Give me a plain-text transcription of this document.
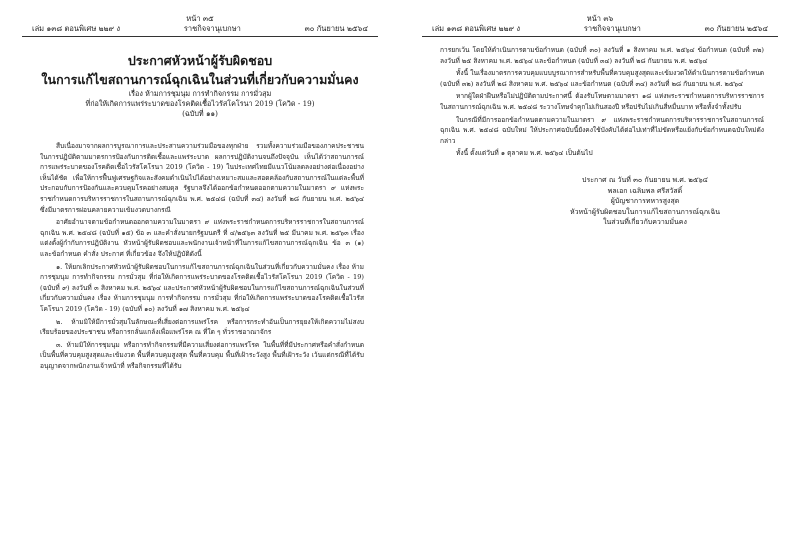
หน้า ๓๕
เล่ม ๑๓๘ ตอนพิเศษ ๒๒๙ ง	ราชกิจจานุเบกษา	๓๐ กันยายน ๒๕๖๔
ประกาศหัวหน้าผู้รับผิดชอบ
ในการแก้ไขสถานการณ์ฉุกเฉินในส่วนที่เกี่ยวกับความมั่นคง
เรื่อง ห้ามการชุมนุม การทำกิจกรรม การมั่วสุม
ที่ก่อให้เกิดการแพร่ระบาดของโรคติดเชื้อไวรัสโคโรนา 2019 (โควิด - 19)
(ฉบับที่ ๑๑)

สืบเนื่องมาจากผลการบูรณาการและประสานความร่วมมือของทุกฝ่าย รวมทั้งความร่วมมือของภาคประชาชนในการปฏิบัติตามมาตรการป้องกันการติดเชื้อและแพร่ระบาด ผลการปฏิบัติงานจนถึงปัจจุบัน เห็นได้ว่าสถานการณ์การแพร่ระบาดของโรคติดเชื้อไวรัสโคโรนา 2019 (โควิด - 19) ในประเทศไทยมีแนวโน้มลดลงอย่างต่อเนื่องอย่างเห็นได้ชัด เพื่อให้การฟื้นฟูเศรษฐกิจและสังคมดำเนินไปได้อย่างเหมาะสมและสอดคล้องกับสถานการณ์ในแต่ละพื้นที่ ประกอบกับการป้องกันและควบคุมโรคอย่างสมดุล รัฐบาลจึงได้ออกข้อกำหนดออกตามความในมาตรา ๙ แห่งพระราชกำหนดการบริหารราชการในสถานการณ์ฉุกเฉิน พ.ศ. ๒๕๔๘ (ฉบับที่ ๓๔) ลงวันที่ ๒๘ กันยายน พ.ศ. ๒๕๖๔ ซึ่งมีมาตรการผ่อนคลายความเข้มงวดบางกรณี

อาศัยอำนาจตามข้อกำหนดออกตามความในมาตรา ๙ แห่งพระราชกำหนดการบริหารราชการในสถานการณ์ฉุกเฉิน พ.ศ. ๒๕๔๘ (ฉบับที่ ๑๕) ข้อ ๓ และคำสั่งนายกรัฐมนตรี ที่ ๔/๒๕๖๓ ลงวันที่ ๒๕ มีนาคม พ.ศ. ๒๕๖๓ เรื่อง แต่งตั้งผู้กำกับการปฏิบัติงาน หัวหน้าผู้รับผิดชอบและพนักงานเจ้าหน้าที่ในการแก้ไขสถานการณ์ฉุกเฉิน ข้อ ๓ (๑) และข้อกำหนด คำสั่ง ประกาศ ที่เกี่ยวข้อง จึงให้ปฏิบัติดังนี้

๑. ให้ยกเลิกประกาศหัวหน้าผู้รับผิดชอบในการแก้ไขสถานการณ์ฉุกเฉินในส่วนที่เกี่ยวกับความมั่นคง เรื่อง ห้ามการชุมนุม การทำกิจกรรม การมั่วสุม ที่ก่อให้เกิดการแพร่ระบาดของโรคติดเชื้อไวรัสโคโรนา 2019 (โควิด - 19) (ฉบับที่ ๙) ลงวันที่ ๓ สิงหาคม พ.ศ. ๒๕๖๔ และประกาศหัวหน้าผู้รับผิดชอบในการแก้ไขสถานการณ์ฉุกเฉินในส่วนที่เกี่ยวกับความมั่นคง เรื่อง ห้ามการชุมนุม การทำกิจกรรม การมั่วสุม ที่ก่อให้เกิดการแพร่ระบาดของโรคติดเชื้อไวรัสโคโรนา 2019 (โควิด - 19) (ฉบับที่ ๑๐) ลงวันที่ ๑๗ สิงหาคม พ.ศ. ๒๕๖๔

๒. ห้ามมิให้มีการมั่วสุมในลักษณะที่เสี่ยงต่อการแพร่โรค หรือการกระทำอันเป็นการยุยงให้เกิดความไม่สงบเรียบร้อยของประชาชน หรือการกลั่นแกล้งเพื่อแพร่โรค ณ ที่ใด ๆ ทั่วราชอาณาจักร

๓. ห้ามมิให้การชุมนุม หรือการทำกิจกรรมที่มีความเสี่ยงต่อการแพร่โรค ในพื้นที่ที่มีประกาศหรือคำสั่งกำหนดเป็นพื้นที่ควบคุมสูงสุดและเข้มงวด พื้นที่ควบคุมสูงสุด พื้นที่ควบคุม พื้นที่เฝ้าระวังสูง พื้นที่เฝ้าระวัง เว้นแต่กรณีที่ได้รับอนุญาตจากพนักงานเจ้าหน้าที่ หรือกิจกรรมที่ได้รับ

หน้า ๓๖
เล่ม ๑๓๘ ตอนพิเศษ ๒๒๙ ง	ราชกิจจานุเบกษา	๓๐ กันยายน ๒๕๖๔

การยกเว้น โดยให้ดำเนินการตามข้อกำหนด (ฉบับที่ ๓๐) ลงวันที่ ๑ สิงหาคม พ.ศ. ๒๕๖๔ ข้อกำหนด (ฉบับที่ ๓๒) ลงวันที่ ๒๕ สิงหาคม พ.ศ. ๒๕๖๔ และข้อกำหนด (ฉบับที่ ๓๔) ลงวันที่ ๒๘ กันยายน พ.ศ. ๒๕๖๔

ทั้งนี้ ในเรื่องมาตรการควบคุมแบบบูรณาการสำหรับพื้นที่ควบคุมสูงสุดและเข้มงวดให้ดำเนินการตามข้อกำหนด (ฉบับที่ ๓๒) ลงวันที่ ๒๘ สิงหาคม พ.ศ. ๒๕๖๔ และข้อกำหนด (ฉบับที่ ๓๔) ลงวันที่ ๒๘ กันยายน พ.ศ. ๒๕๖๔

หากผู้ใดฝ่าฝืนหรือไม่ปฏิบัติตามประกาศนี้ ต้องรับโทษตามมาตรา ๑๘ แห่งพระราชกำหนดการบริหารราชการในสถานการณ์ฉุกเฉิน พ.ศ. ๒๕๔๘ ระวางโทษจำคุกไม่เกินสองปี หรือปรับไม่เกินสี่หมื่นบาท หรือทั้งจำทั้งปรับ

ในกรณีที่มีการออกข้อกำหนดตามความในมาตรา ๙ แห่งพระราชกำหนดการบริหารราชการในสถานการณ์ฉุกเฉิน พ.ศ. ๒๕๔๘ ฉบับใหม่ ให้ประกาศฉบับนี้ยังคงใช้บังคับได้ต่อไปเท่าที่ไม่ขัดหรือแย้งกับข้อกำหนดฉบับใหม่ดังกล่าว

ทั้งนี้ ตั้งแต่วันที่ ๑ ตุลาคม พ.ศ. ๒๕๖๔ เป็นต้นไป

ประกาศ ณ วันที่ ๓๐ กันยายน พ.ศ. ๒๕๖๔
พลเอก เฉลิมพล ศรีสวัสดิ์
ผู้บัญชาการทหารสูงสุด
หัวหน้าผู้รับผิดชอบในการแก้ไขสถานการณ์ฉุกเฉิน
ในส่วนที่เกี่ยวกับความมั่นคง
